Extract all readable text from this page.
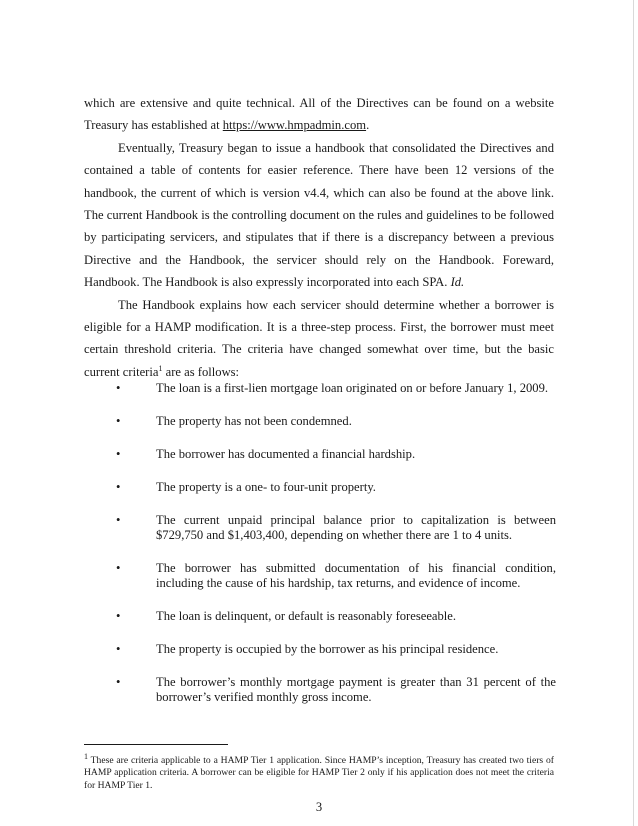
which are extensive and quite technical. All of the Directives can be found on a website Treasury has established at https://www.hmpadmin.com.

Eventually, Treasury began to issue a handbook that consolidated the Directives and contained a table of contents for easier reference. There have been 12 versions of the handbook, the current of which is version v4.4, which can also be found at the above link. The current Handbook is the controlling document on the rules and guidelines to be followed by participating servicers, and stipulates that if there is a discrepancy between a previous Directive and the Handbook, the servicer should rely on the Handbook. Foreward, Handbook. The Handbook is also expressly incorporated into each SPA. Id.

The Handbook explains how each servicer should determine whether a borrower is eligible for a HAMP modification. It is a three-step process. First, the borrower must meet certain threshold criteria. The criteria have changed somewhat over time, but the basic current criteria$^1$ are as follows:

•	The loan is a first-lien mortgage loan originated on or before January 1, 2009.
•	The property has not been condemned.
•	The borrower has documented a financial hardship.
•	The property is a one- to four-unit property.
•	The current unpaid principal balance prior to capitalization is between $729,750 and $1,403,400, depending on whether there are 1 to 4 units.
•	The borrower has submitted documentation of his financial condition, including the cause of his hardship, tax returns, and evidence of income.
•	The loan is delinquent, or default is reasonably foreseeable.
•	The property is occupied by the borrower as his principal residence.
•	The borrower’s monthly mortgage payment is greater than 31 percent of the borrower’s verified monthly gross income.
$^1$ These are criteria applicable to a HAMP Tier 1 application. Since HAMP’s inception, Treasury has created two tiers of HAMP application criteria. A borrower can be eligible for HAMP Tier 2 only if his application does not meet the criteria for HAMP Tier 1.
3
